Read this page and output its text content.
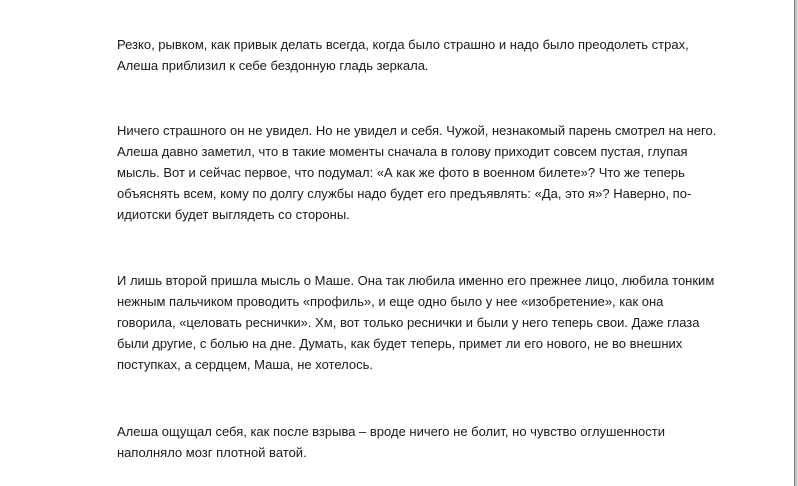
Резко, рывком, как привык делать всегда, когда было страшно и надо было преодолеть страх,
Алеша приблизил к себе бездонную гладь зеркала.
Ничего страшного он не увидел. Но не увидел и себя. Чужой, незнакомый парень смотрел на него.
Алеша давно заметил, что в такие моменты сначала в голову приходит совсем пустая, глупая
мысль. Вот и сейчас первое, что подумал: «А как же фото в военном билете»? Что же теперь
объяснять всем, кому по долгу службы надо будет его предъявлять: «Да, это я»? Наверно, по-
идиотски будет выглядеть со стороны.
И лишь второй пришла мысль о Маше. Она так любила именно его прежнее лицо, любила тонким
нежным пальчиком проводить «профиль», и еще одно было у нее «изобретение», как она
говорила, «целовать реснички». Хм, вот только реснички и были у него теперь свои. Даже глаза
были другие, с болью на дне. Думать, как будет теперь, примет ли его нового, не во внешних
поступках, а сердцем, Маша, не хотелось.
Алеша ощущал себя, как после взрыва – вроде ничего не болит, но чувство оглушенности
наполняло мозг плотной ватой.
